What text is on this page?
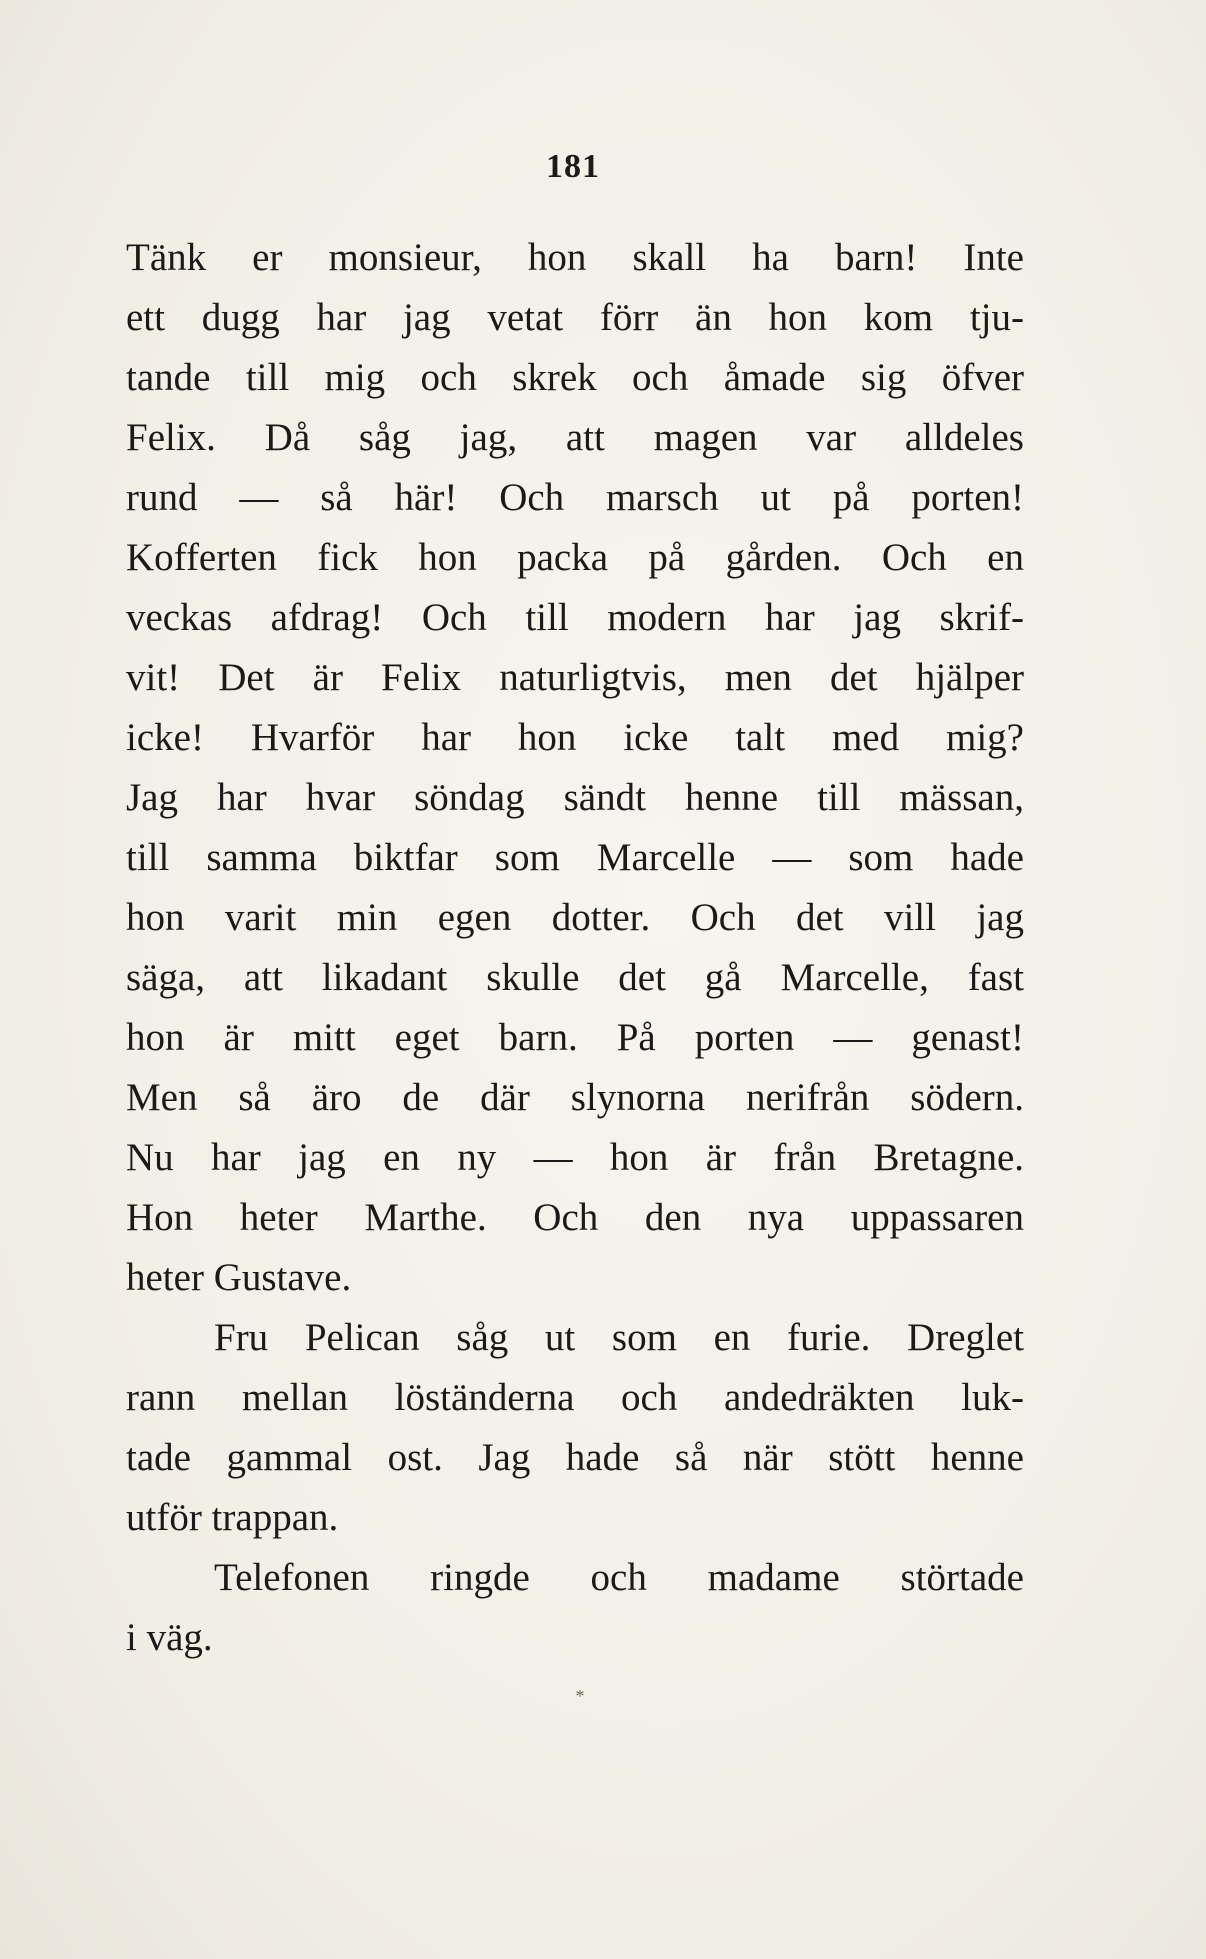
181
Tänk er monsieur, hon skall ha barn! Inte
ett dugg har jag vetat förr än hon kom tju-
tande till mig och skrek och åmade sig öfver
Felix. Då såg jag, att magen var alldeles
rund — så här! Och marsch ut på porten!
Kofferten fick hon packa på gården. Och en
veckas afdrag! Och till modern har jag skrif-
vit! Det är Felix naturligtvis, men det hjälper
icke! Hvarför har hon icke talt med mig?
Jag har hvar söndag sändt henne till mässan,
till samma biktfar som Marcelle — som hade
hon varit min egen dotter. Och det vill jag
säga, att likadant skulle det gå Marcelle, fast
hon är mitt eget barn. På porten — genast!
Men så äro de där slynorna nerifrån södern.
Nu har jag en ny — hon är från Bretagne.
Hon heter Marthe. Och den nya uppassaren
heter Gustave.
Fru Pelican såg ut som en furie. Dreglet
rann mellan löständerna och andedräkten luk-
tade gammal ost. Jag hade så när stött henne
utför trappan.
Telefonen ringde och madame störtade
i väg.
*
